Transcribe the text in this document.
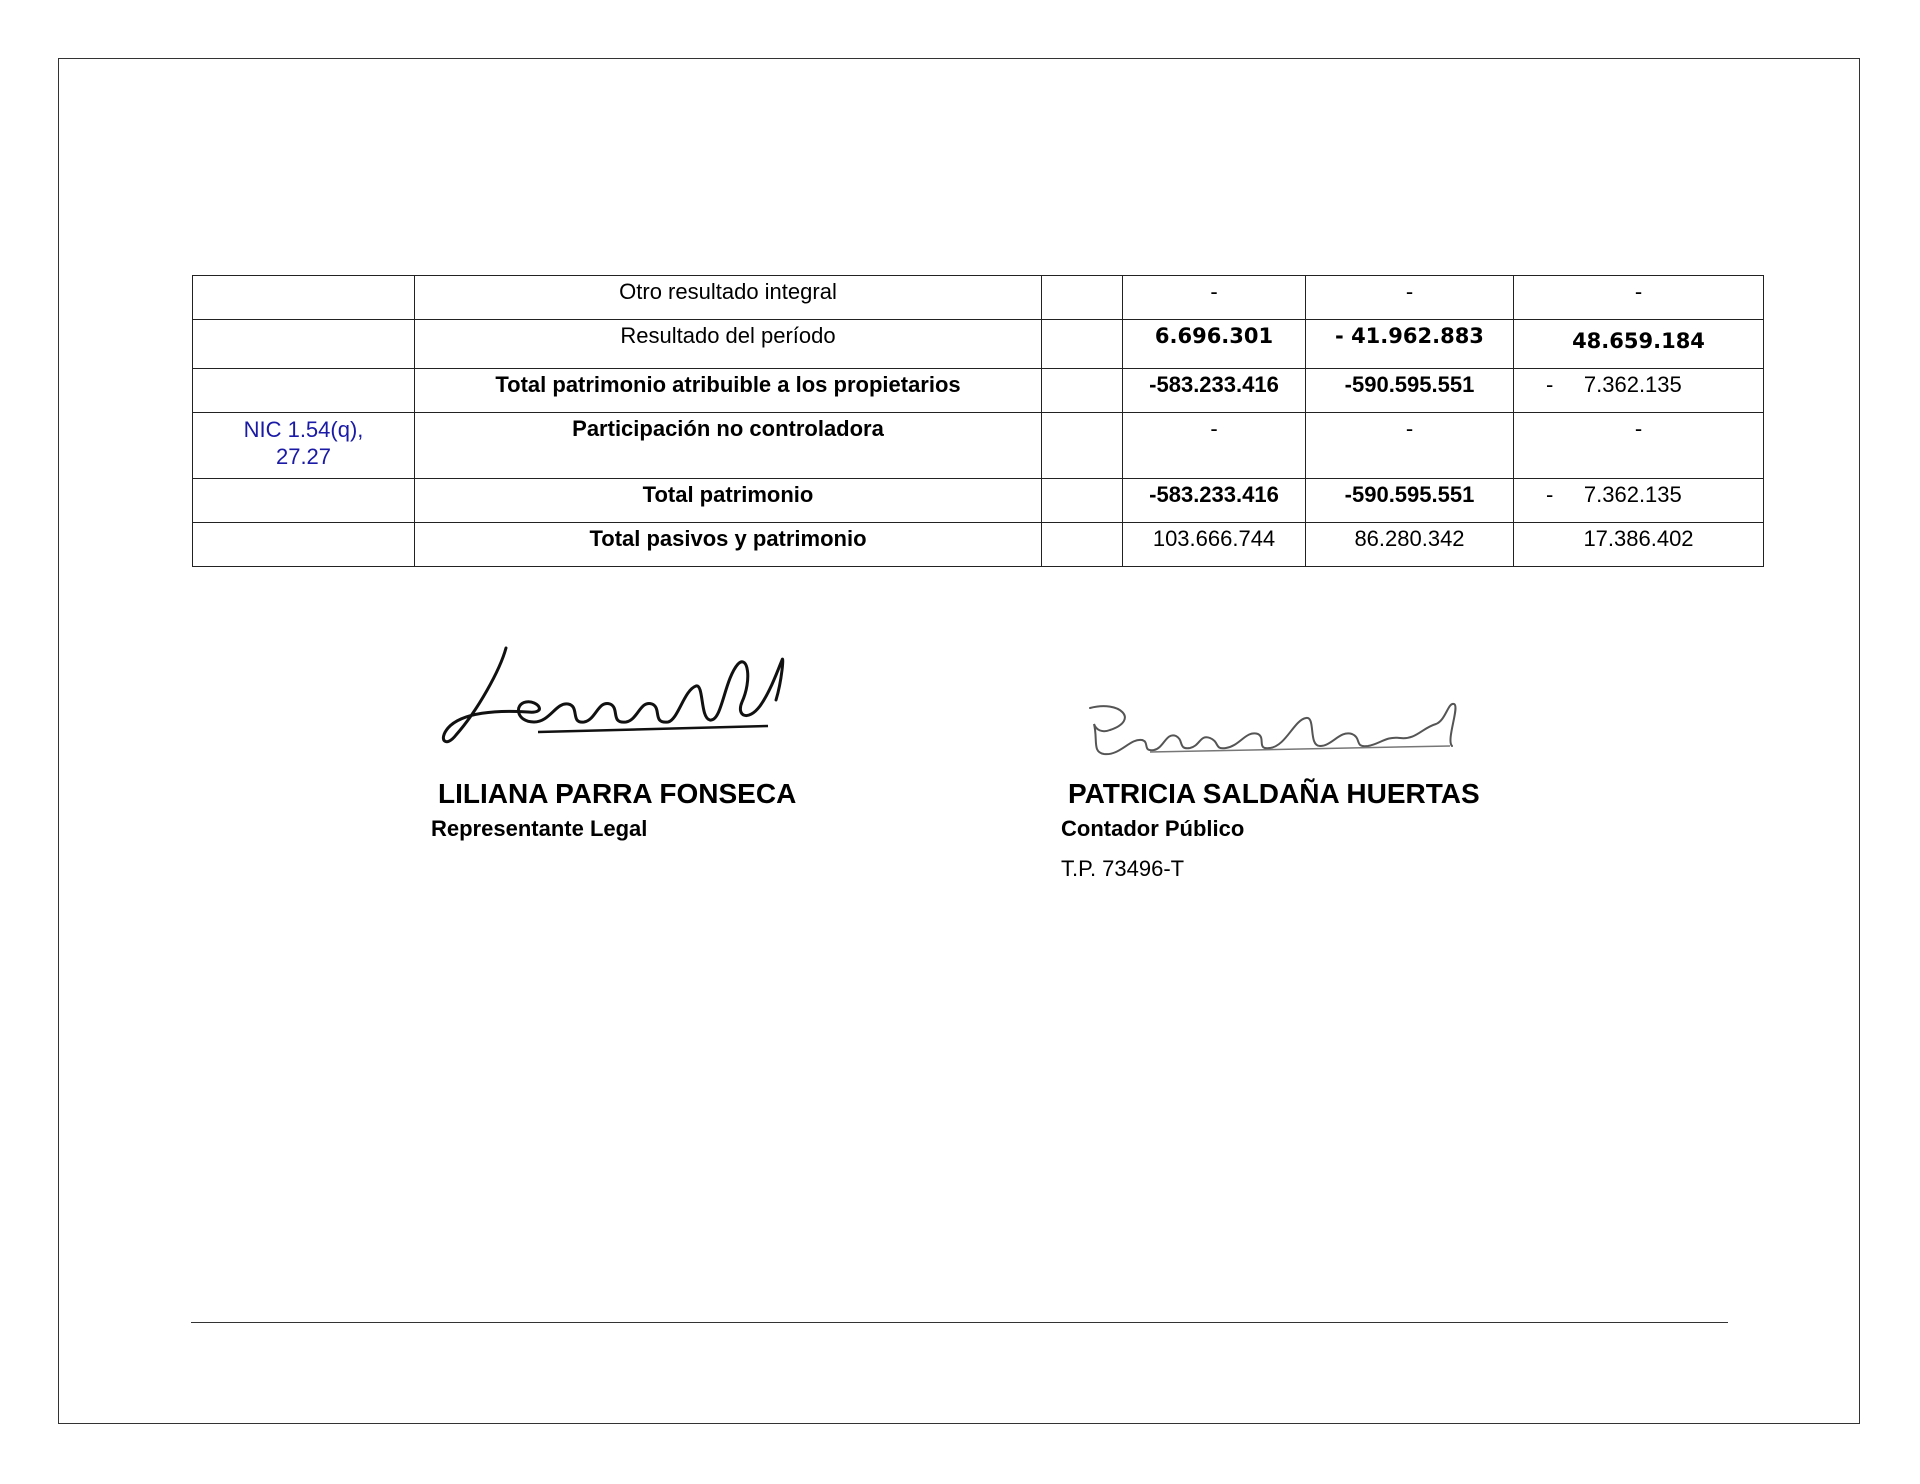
	Otro resultado integral		-	-	-
	Resultado del período		6.696.301	- 41.962.883	48.659.184
	Total patrimonio atribuible a los propietarios		-583.233.416	-590.595.551	-     7.362.135
NIC 1.54(q),
27.27	Participación no controladora		-	-	-
	Total patrimonio		-583.233.416	-590.595.551	-     7.362.135
	Total pasivos y patrimonio		103.666.744	86.280.342	17.386.402
LILIANA PARRA FONSECA
Representante Legal
PATRICIA SALDAÑA HUERTAS
Contador Público
T.P. 73496-T
